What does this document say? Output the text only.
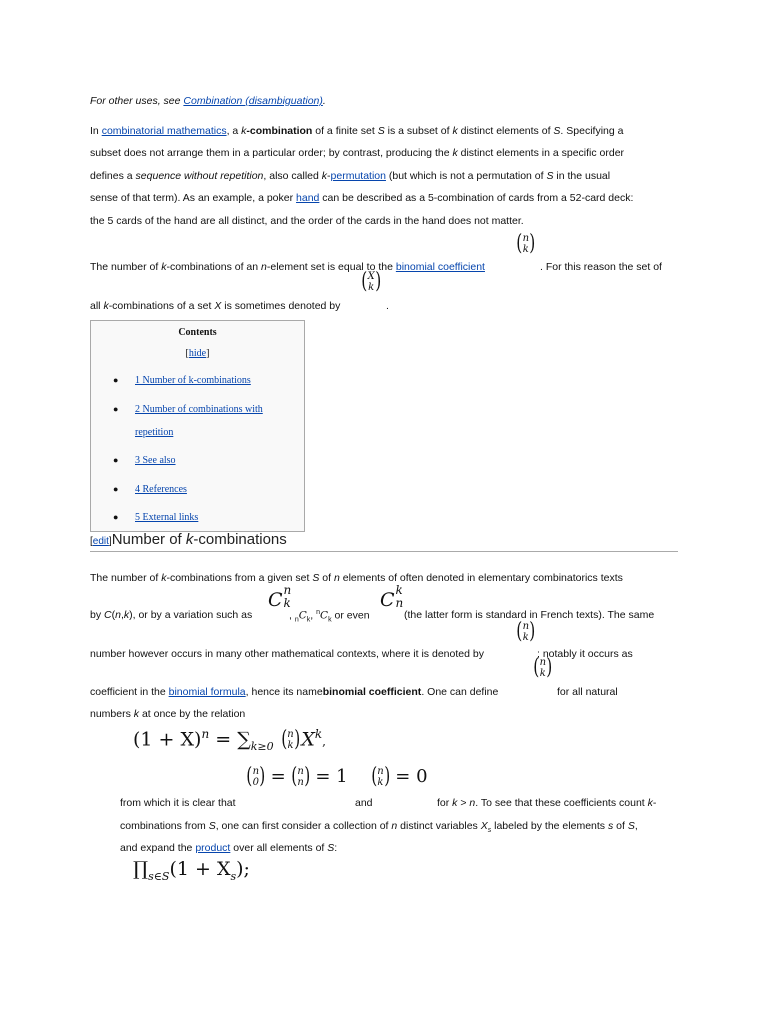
For other uses, see Combination (disambiguation).
In combinatorial mathematics, a k-combination of a finite set S is a subset of k distinct elements of S. Specifying a
subset does not arrange them in a particular order; by contrast, producing the k distinct elements in a specific order
defines a sequence without repetition, also called k-permutation (but which is not a permutation of S in the usual
sense of that term). As an example, a poker hand can be described as a 5-combination of cards from a 52-card deck:
the 5 cards of the hand are all distinct, and the order of the cards in the hand does not matter.
( n
k )
The number of k-combinations of an n-element set is equal to the binomial coefficient	. For this reason the set of
( X
k )
all k-combinations of a set X is sometimes denoted by	.
Contents
[hide]
● 1 Number of k-combinations
● 2 Number of combinations with
repetition
● 3 See also
● 4 References
● 5 External links
[edit]Number of k-combinations
The number of k-combinations from a given set S of n elements of often denoted in elementary combinatorics texts
C n
k	C k
n
by C(n,k), or by a variation such as	, $_nC_k$, $^nC_k$ or even	(the latter form is standard in French texts). The same
( n
k )
number however occurs in many other mathematical contexts, where it is denoted by	; notably it occurs as
( n
k )
coefficient in the binomial formula, hence its namebinomial coefficient. One can define	for all natural
numbers k at once by the relation
$(1 + X)^n = \sum_{k\ge 0}$ ( n
k ) $X^k$,
( n
0 ) = ( n
n ) = 1 ( n
k ) = 0
from which it is clear that	and	for k > n. To see that these coefficients count k-
combinations from S, one can first consider a collection of n distinct variables $X_s$ labeled by the elements s of S,
and expand the product over all elements of S:
$\prod_{s\in S}(1 + X_s)$;
